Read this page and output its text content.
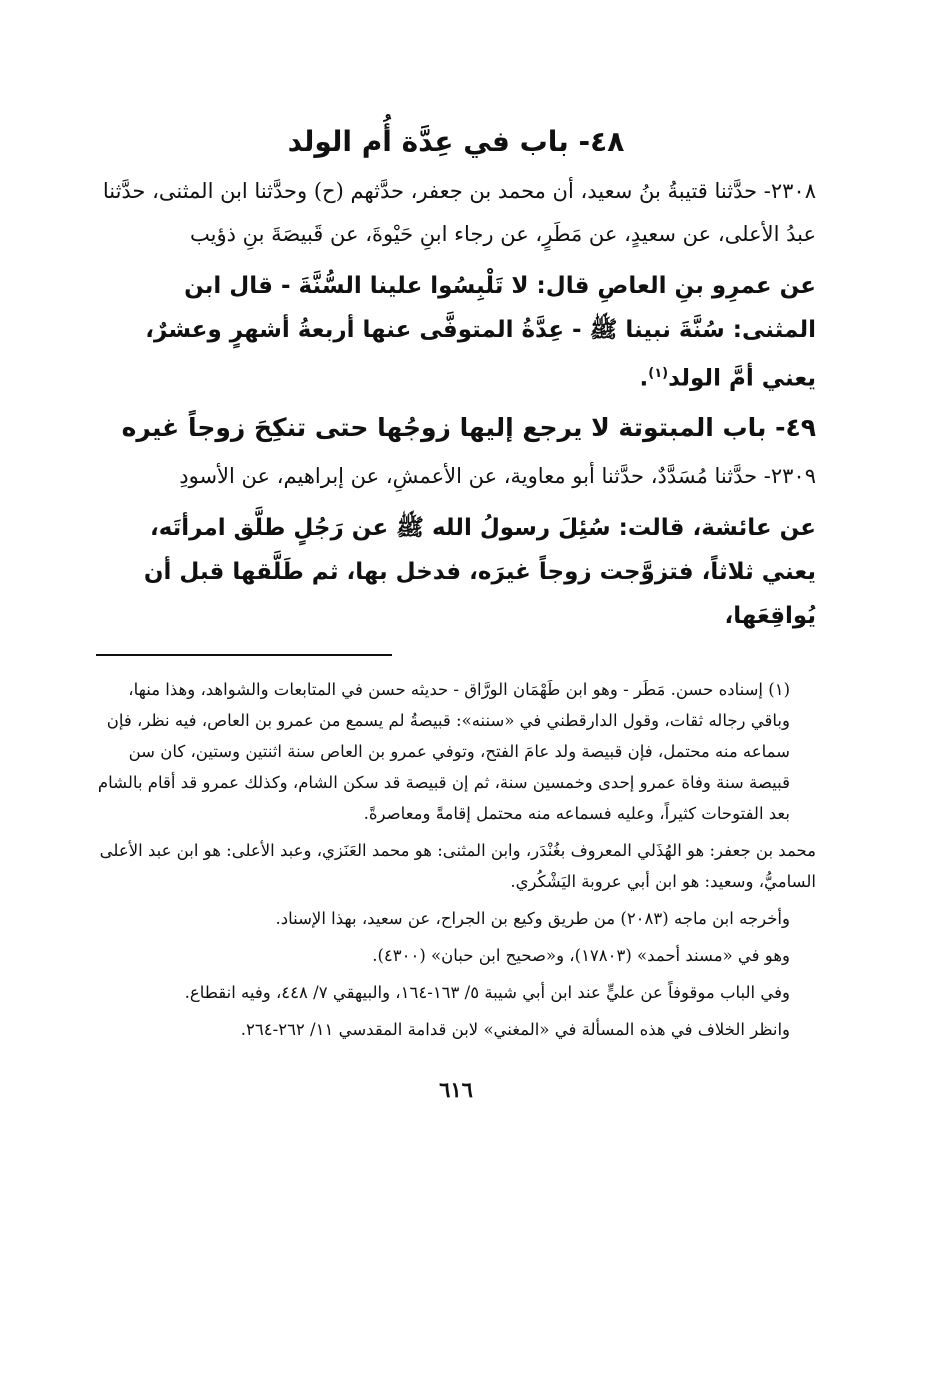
٤٨- باب في عِدَّة أُم الولد

٢٣٠٨- حدَّثنا قتيبةُ بنُ سعيد، أن محمد بن جعفر، حدَّثهم (ح) وحدَّثنا ابن المثنى، حدَّثنا عبدُ الأعلى، عن سعيدٍ، عن مَطَرٍ، عن رجاء ابنِ حَيْوةَ، عن قَبيصَةَ بنِ ذؤيب

عن عمرِو بنِ العاصِ قال: لا تَلْبِسُوا علينا السُّنَّةَ - قال ابن المثنى: سُنَّةَ نبينا ﷺ - عِدَّةُ المتوفَّى عنها أربعةُ أشهرٍ وعشرٌ، يعني أمَّ الولد$^{(١)}$.

٤٩- باب المبتوتة لا يرجع إليها زوجُها حتى تنكِحَ زوجاً غيره

٢٣٠٩- حدَّثنا مُسَدَّدٌ، حدَّثنا أبو معاوية، عن الأعمشِ، عن إبراهيم، عن الأسودِ

عن عائشة، قالت: سُئِلَ رسولُ الله ﷺ عن رَجُلٍ طلَّق امرأتَه، يعني ثلاثاً، فتزوَّجت زوجاً غيرَه، فدخل بها، ثم طَلَّقها قبل أن يُواقِعَها،

(١) إسناده حسن. مَطَر - وهو ابن طَهْمَان الورَّاق - حديثه حسن في المتابعات والشواهد، وهذا منها، وباقي رجاله ثقات، وقول الدارقطني في «سننه»: قبيصةُ لم يسمع من عمرو بن العاص، فيه نظر، فإن سماعه منه محتمل، فإن قبيصة ولد عامَ الفتح، وتوفي عمرو بن العاص سنة اثنتين وستين، كان سن قبيصة سنة وفاة عمرو إحدى وخمسين سنة، ثم إن قبيصة قد سكن الشام، وكذلك عمرو قد أقام بالشام بعد الفتوحات كثيراً، وعليه فسماعه منه محتمل إقامةً ومعاصرةً.

محمد بن جعفر: هو الهُذَلي المعروف بغُنْدَر، وابن المثنى: هو محمد العَنَزي، وعبد الأعلى: هو ابن عبد الأعلى الساميُّ، وسعيد: هو ابن أبي عروبة اليَشْكُري.

وأخرجه ابن ماجه (٢٠٨٣) من طريق وكيع بن الجراح، عن سعيد، بهذا الإسناد.

وهو في «مسند أحمد» (١٧٨٠٣)، و«صحيح ابن حبان» (٤٣٠٠).

وفي الباب موقوفاً عن عليٍّ عند ابن أبي شيبة ٥/ ١٦٣-١٦٤، والبيهقي ٧/ ٤٤٨، وفيه انقطاع.

وانظر الخلاف في هذه المسألة في «المغني» لابن قدامة المقدسي ١١/ ٢٦٢-٢٦٤.

٦١٦
